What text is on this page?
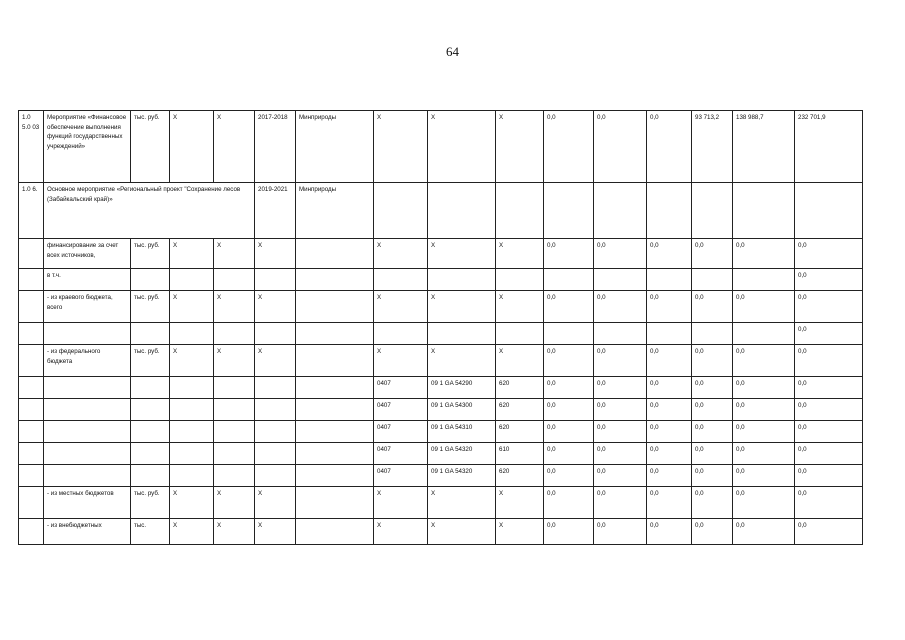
64
1.0 5.0 03	Мероприятие «Финансовое обеспечение выполнения функций государственных учреждений»	тыс. руб.	Х	Х	2017-2018	Минприроды	Х	Х	Х	0,0	0,0	0,0	93 713,2	138 988,7	232 701,9
1.0 6.	Основное мероприятие «Региональный проект "Сохранение лесов (Забайкальский край)»				2019-2021	Минприроды									
	финансирование за счет всех источников,	тыс. руб.	Х	Х	Х		Х	Х	Х	0,0	0,0	0,0	0,0	0,0	0,0
	в т.ч.														0,0
	- из краевого бюджета, всего	тыс. руб.	Х	Х	Х		Х	Х	Х	0,0	0,0	0,0	0,0	0,0	0,0
															0,0
	- из федерального бюджета	тыс. руб.	Х	Х	Х		Х	Х	Х	0,0	0,0	0,0	0,0	0,0	0,0
							0407	09 1 GA 54290	620	0,0	0,0	0,0	0,0	0,0	0,0
							0407	09 1 GA 54300	620	0,0	0,0	0,0	0,0	0,0	0,0
							0407	09 1 GA 54310	620	0,0	0,0	0,0	0,0	0,0	0,0
							0407	09 1 GA 54320	610	0,0	0,0	0,0	0,0	0,0	0,0
							0407	09 1 GA 54320	620	0,0	0,0	0,0	0,0	0,0	0,0
	- из местных бюджетов	тыс. руб.	Х	Х	Х		Х	Х	Х	0,0	0,0	0,0	0,0	0,0	0,0
	- из внебюджетных	тыс.	Х	Х	Х		Х	Х	Х	0,0	0,0	0,0	0,0	0,0	0,0
